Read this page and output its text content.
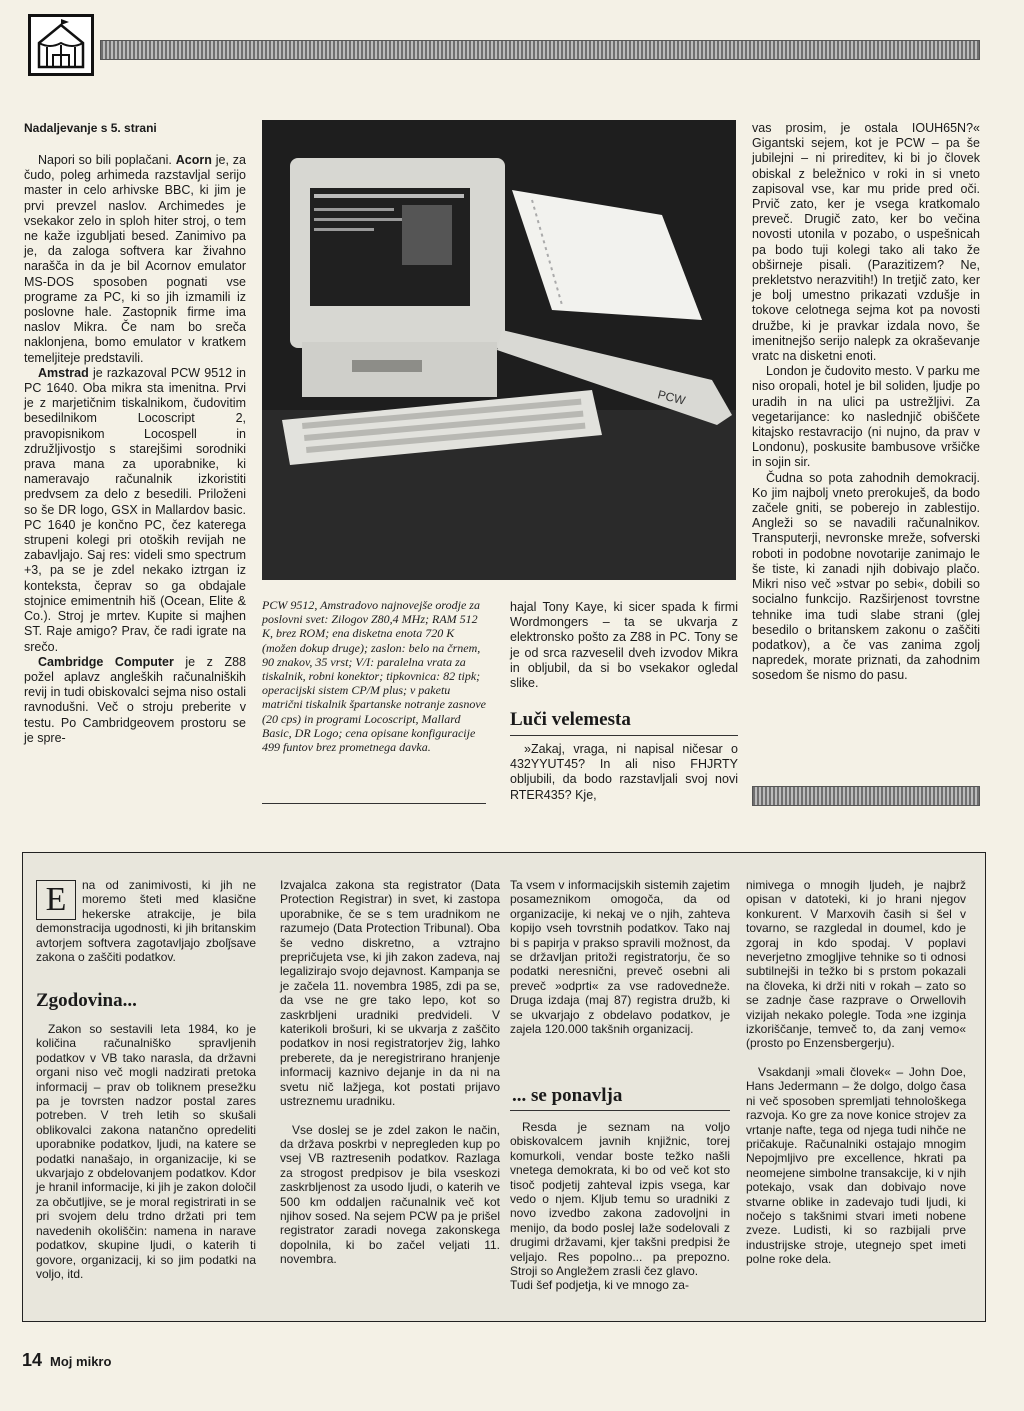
Nadaljevanje s 5. strani

Napori so bili poplačani. Acorn je, za čudo, poleg arhimeda razstavljal serijo master in celo arhivske BBC, ki jim je prvi prevzel naslov. Archimedes je vsekakor zelo in sploh hiter stroj, o tem ne kaže izgubljati besed. Zanimivo pa je, da zaloga softvera kar živahno narašča in da je bil Acornov emulator MS-DOS sposoben pognati vse programe za PC, ki so jih izmamili iz poslovne hale. Zastopnik firme ima naslov Mikra. Če nam bo sreča naklonjena, bomo emulator v kratkem temeljiteje predstavili.

Amstrad je razkazoval PCW 9512 in PC 1640. Oba mikra sta imenitna. Prvi je z marjetičnim tiskalnikom, čudovitim besedilnikom Locoscript 2, pravopisnikom Locospell in združljivostjo s starejšimi sorodniki prava mana za uporabnike, ki nameravajo računalnik izkoristiti predvsem za delo z besedili. Priloženi so še DR logo, GSX in Mallardov basic. PC 1640 je končno PC, čez katerega strupeni kolegi pri otoških revijah ne zabavljajo. Saj res: videli smo spectrum +3, pa se je zdel nekako iztrgan iz konteksta, čeprav so ga obdajale stojnice emimentnih hiš (Ocean, Elite & Co.). Stroj je mrtev. Kupite si majhen ST. Raje amigo? Prav, če radi igrate na srečo.

Cambridge Computer je z Z88 požel aplavz angleških računalniških revij in tudi obiskovalci sejma niso ostali ravnodušni. Več o stroju preberite v testu. Po Cambridgeovem prostoru se je spre-

PCW
PCW 9512, Amstradovo najnovejše orodje za poslovni svet: Zilogov Z80,4 MHz; RAM 512 K, brez ROM; ena disketna enota 720 K (možen dokup druge); zaslon: belo na črnem, 90 znakov, 35 vrst; V/I: paralelna vrata za tiskalnik, robni konektor; tipkovnica: 82 tipk; operacijski sistem CP/M plus; v paketu matrični tiskalnik špartanske notranje zasnove (20 cps) in programi Locoscript, Mallard Basic, DR Logo; cena opisane konfiguracije 499 funtov brez prometnega davka.

hajal Tony Kaye, ki sicer spada k firmi Wordmongers – ta se ukvarja z elektronsko pošto za Z88 in PC. Tony se je od srca razveselil dveh izvodov Mikra in obljubil, da si bo vsekakor ogledal slike.

Luči velemesta

»Zakaj, vraga, ni napisal ničesar o 432YYUT45? In ali niso FHJRTY obljubili, da bodo razstavljali svoj novi RTER435? Kje,

vas prosim, je ostala IOUH65N?« Gigantski sejem, kot je PCW – pa še jubilejni – ni prireditev, ki bi jo človek obiskal z beležnico v roki in si vneto zapisoval vse, kar mu pride pred oči. Prvič zato, ker je vsega kratkomalo preveč. Drugič zato, ker bo večina novosti utonila v pozabo, o uspešnicah pa bodo tuji kolegi tako ali tako že obširneje pisali. (Parazitizem? Ne, prekletstvo nerazvitih!) In tretjič zato, ker je bolj umestno prikazati vzdušje in tokove celotnega sejma kot pa novosti družbe, ki je pravkar izdala novo, še imenitnejšo serijo nalepk za okraševanje vratc na disketni enoti.

London je čudovito mesto. V parku me niso oropali, hotel je bil soliden, ljudje po uradih in na ulici pa ustrežljivi. Za vegetarijance: ko naslednjič obiščete kitajsko restavracijo (ni nujno, da prav v Londonu), poskusite bambusove vršičke in sojin sir.

Čudna so pota zahodnih demokracij. Ko jim najbolj vneto prerokuješ, da bodo začele gniti, se poberejo in zablestijo. Angleži so se navadili računalnikov. Transputerji, nevronske mreže, sofverski roboti in podobne novotarije zanimajo le še tiste, ki zanadi njih dobivajo plačo. Mikri niso več »stvar po sebi«, dobili so socialno funkcijo. Razširjenost tovrstne tehnike ima tudi slabe strani (glej besedilo o britanskem zakonu o zaščiti podatkov), a če vas zanima zgolj napredek, morate priznati, da zahodnim sosedom še nismo do pasu.

E	na od zanimivosti, ki jih ne moremo šteti med klasične hekerske atrakcije, je bila demonstracija ugodnosti, ki jih britanskim avtorjem softvera zagotavljajo zbolǰsave zakona o zaščiti podatkov.

Zgodovina...

Zakon so sestavili leta 1984, ko je količina računalniško spravljenih podatkov v VB tako narasla, da državni organi niso več mogli nadzirati pretoka informacij – prav ob toliknem presežku pa je tovrsten nadzor postal zares potreben. V treh letih so skušali oblikovalci zakona natančno opredeliti uporabnike podatkov, ljudi, na katere se podatki nanašajo, in organizacije, ki se ukvarjajo z obdelovanjem podatkov. Kdor je hranil informacije, ki jih je zakon določil za občutljive, se je moral registrirati in se pri svojem delu trdno držati pri tem navedenih okoliščin: namena in narave podatkov, skupine ljudi, o katerih ti govore, organizacij, ki so jim podatki na voljo, itd.

Izvajalca zakona sta registrator (Data Protection Registrar) in svet, ki zastopa uporabnike, če se s tem uradnikom ne razumejo (Data Protection Tribunal). Oba še vedno diskretno, a vztrajno prepričujeta vse, ki jih zakon zadeva, naj legalizirajo svojo dejavnost. Kampanja se je začela 11. novembra 1985, zdi pa se, da vse ne gre tako lepo, kot so zaskrbljeni uradniki predvideli. V katerikoli brošuri, ki se ukvarja z zaščito podatkov in nosi registratorjev žig, lahko preberete, da je neregistrirano hranjenje informacij kaznivo dejanje in da ni na svetu nič lažjega, kot postati prijavo ustreznemu uradniku.

Vse doslej se je zdel zakon le način, da država poskrbi v nepregleden kup po vsej VB raztresenih podatkov. Razlaga za strogost predpisov je bila vseskozi zaskrbljenost za usodo ljudi, o katerih ve 500 km oddaljen računalnik več kot njihov sosed. Na sejem PCW pa je prišel registrator zaradi novega zakonskega dopolnila, ki bo začel veljati 11. novembra.

Ta vsem v informacijskih sistemih zajetim posameznikom omogoča, da od organizacije, ki nekaj ve o njih, zahteva kopijo vseh tovrstnih podatkov. Tako naj bi s papirja v prakso spravili možnost, da se državljan pritoži registratorju, če so podatki neresnični, preveč osebni ali preveč »odprti« za vse radovedneže. Druga izdaja (maj 87) registra družb, ki se ukvarjajo z obdelavo podatkov, je zajela 120.000 takšnih organizacij.

... se ponavlja

Resda je seznam na voljo obiskovalcem javnih knjižnic, torej komurkoli, vendar boste težko našli vnetega demokrata, ki bo od več kot sto tisoč podjetij zahteval izpis vsega, kar vedo o njem. Kljub temu so uradniki z novo izvedbo zakona zadovoljni in menijo, da bodo poslej laže sodelovali z drugimi državami, kjer takšni predpisi že veljajo. Res popolno... pa prepozno. Stroji so Angležem zrasli čez glavo.
Tudi šef podjetja, ki ve mnogo za-

nimivega o mnogih ljudeh, je najbrž opisan v datoteki, ki jo hrani njegov konkurent. V Marxovih časih si šel v tovarno, se razgledal in doumel, kdo je zgoraj in kdo spodaj. V poplavi neverjetno zmogljive tehnike so ti odnosi subtilnejši in težko bi s prstom pokazali na človeka, ki drži niti v rokah – zato so se zadnje čase razprave o Orwellovih vizijah nekako polegle. Toda »ne izginja izkoriščanje, temveč to, da zanj vemo« (prosto po Enzensbergerju).

Vsakdanji »mali človek« – John Doe, Hans Jedermann – že dolgo, dolgo časa ni več sposoben spremljati tehnološkega razvoja. Ko gre za nove konice strojev za vrtanje nafte, tega od njega tudi nihče ne pričakuje. Računalniki ostajajo mnogim Nepojmljivo pre excellence, hkrati pa neomejene simbolne transakcije, ki v njih potekajo, vsak dan dobivajo nove stvarne oblike in zadevajo tudi ljudi, ki nočejo s takšnimi stvari imeti nobene zveze. Ludisti, ki so razbijali prve industrijske stroje, utegnejo spet imeti polne roke dela.

14 Moj mikro
